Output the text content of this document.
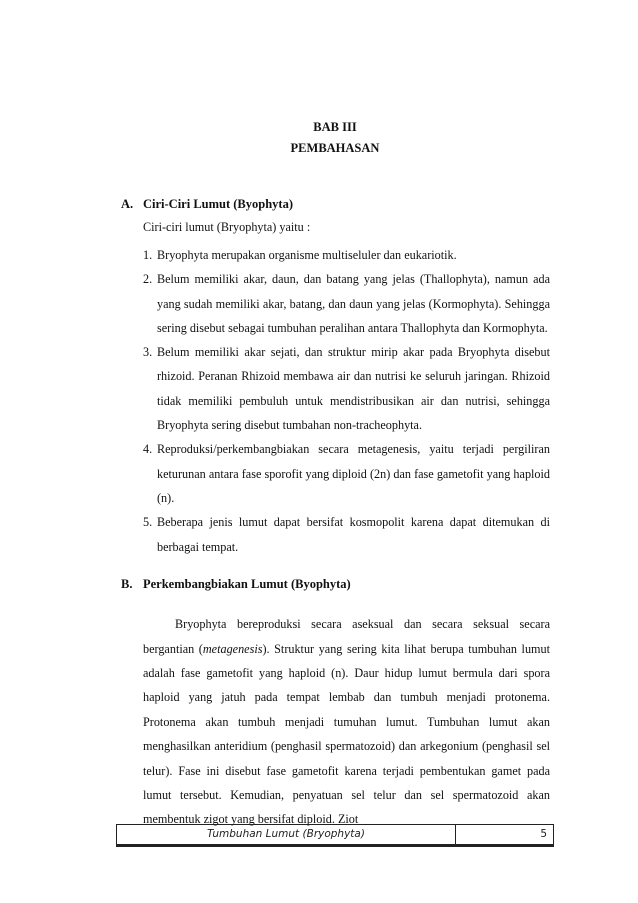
BAB III
PEMBAHASAN
A. Ciri-Ciri Lumut (Byophyta)
Ciri-ciri lumut (Bryophyta) yaitu :
1. Bryophyta merupakan organisme multiseluler dan eukariotik.
2. Belum memiliki akar, daun, dan batang yang jelas (Thallophyta), namun ada yang sudah memiliki akar, batang, dan daun yang jelas (Kormophyta). Sehingga sering disebut sebagai tumbuhan peralihan antara Thallophyta dan Kormophyta.
3. Belum memiliki akar sejati, dan struktur mirip akar pada Bryophyta disebut rhizoid. Peranan Rhizoid membawa air dan nutrisi ke seluruh jaringan. Rhizoid tidak memiliki pembuluh untuk mendistribusikan air dan nutrisi, sehingga Bryophyta sering disebut tumbahan non-tracheophyta.
4. Reproduksi/perkembangbiakan secara metagenesis, yaitu terjadi pergiliran keturunan antara fase sporofit yang diploid (2n) dan fase gametofit yang haploid (n).
5. Beberapa jenis lumut dapat bersifat kosmopolit karena dapat ditemukan di berbagai tempat.
B. Perkembangbiakan Lumut (Byophyta)

Bryophyta bereproduksi secara aseksual dan secara seksual secara bergantian (metagenesis). Struktur yang sering kita lihat berupa tumbuhan lumut adalah fase gametofit yang haploid (n). Daur hidup lumut bermula dari spora haploid yang jatuh pada tempat lembab dan tumbuh menjadi protonema. Protonema akan tumbuh menjadi tumuhan lumut. Tumbuhan lumut akan menghasilkan anteridium (penghasil spermatozoid) dan arkegonium (penghasil sel telur). Fase ini disebut fase gametofit karena terjadi pembentukan gamet pada lumut tersebut. Kemudian, penyatuan sel telur dan sel spermatozoid akan membentuk zigot yang bersifat diploid. Ziot

Tumbuhan Lumut (Bryophyta)	5
